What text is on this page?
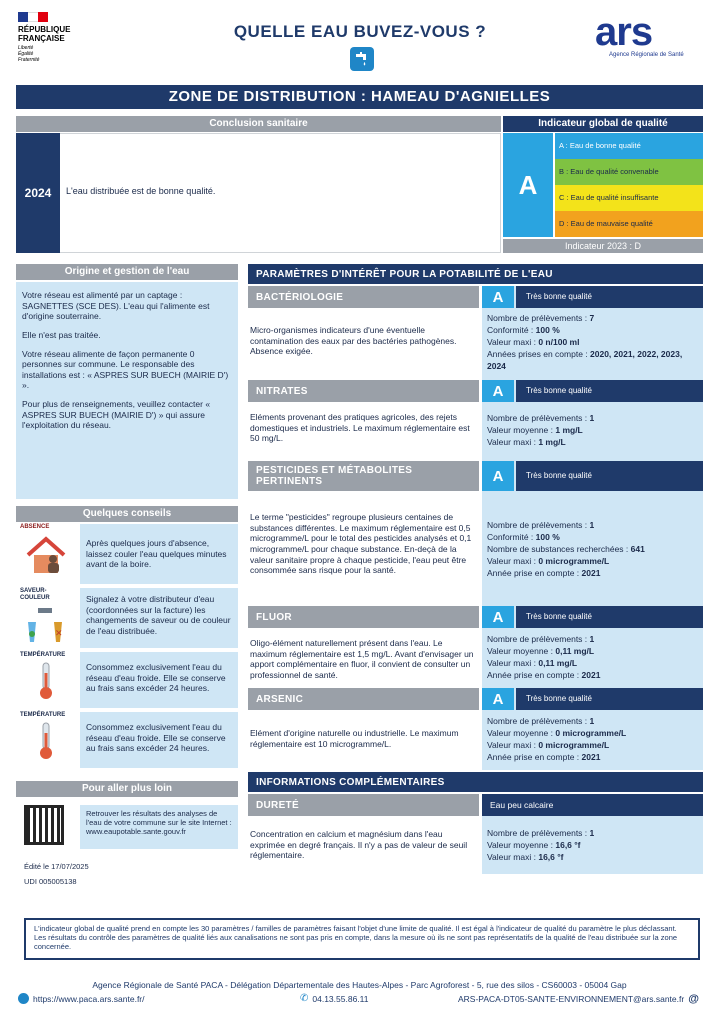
RÉPUBLIQUE
FRANÇAISE
Liberté
Égalité
Fraternité
QUELLE EAU BUVEZ-VOUS ?	ars
Agence Régionale de Santé
ZONE DE DISTRIBUTION : HAMEAU D'AGNIELLES
Conclusion sanitaire
2024	L'eau distribuée est de bonne qualité.
Indicateur global de qualité
A
A : Eau de bonne qualité
B : Eau de qualité convenable
C : Eau de qualité insuffisante
D : Eau de mauvaise qualité
Indicateur 2023 : D
Origine et gestion de l'eau

Votre réseau est alimenté par un captage : SAGNETTES (SCE DES). L'eau qui l'alimente est d'origine souterraine.

Elle n'est pas traitée.

Votre réseau alimente de façon permanente 0 personnes sur commune. Le responsable des installations est : « ASPRES SUR BUECH (MAIRIE D') ».

Pour plus de renseignements, veuillez contacter « ASPRES SUR BUECH (MAIRIE D') » qui assure l'exploitation du réseau.

Quelques conseils
ABSENCE
Après quelques jours d'absence, laissez couler l'eau quelques minutes avant de la boire.
SAVEUR-COULEUR
✕
Signalez à votre distributeur d'eau (coordonnées sur la facture) les changements de saveur ou de couleur de l'eau distribuée.
TEMPÉRATURE
Consommez exclusivement l'eau du réseau d'eau froide. Elle se conserve au frais sans excéder 24 heures.
TEMPÉRATURE
Consommez exclusivement l'eau du réseau d'eau froide. Elle se conserve au frais sans excéder 24 heures.
Pour aller plus loin
Retrouver les résultats des analyses de l'eau de votre commune sur le site Internet : www.eaupotable.sante.gouv.fr
Édité le 17/07/2025
UDI 005005138
PARAMÈTRES D'INTÉRÊT POUR LA POTABILITÉ DE L'EAU
BACTÉRIOLOGIE	A	Très bonne qualité
Micro-organismes indicateurs d'une éventuelle contamination des eaux par des bactéries pathogènes. Absence exigée.
Nombre de prélèvements : 7
Conformité : 100 %
Valeur maxi : 0 n/100 ml
Années prises en compte : 2020, 2021, 2022, 2023, 2024
NITRATES	A	Très bonne qualité
Eléments provenant des pratiques agricoles, des rejets domestiques et industriels. Le maximum réglementaire est 50 mg/L.
Nombre de prélèvements : 1
Valeur moyenne : 1 mg/L
Valeur maxi : 1 mg/L
PESTICIDES ET MÉTABOLITES PERTINENTS	A	Très bonne qualité
Le terme "pesticides" regroupe plusieurs centaines de substances différentes. Le maximum réglementaire est 0,5 microgramme/L pour le total des pesticides analysés et 0,1 microgramme/L pour chaque substance. En-deçà de la valeur sanitaire propre à chaque pesticide, l'eau peut être consommée sans risque pour la santé.
Nombre de prélèvements : 1
Conformité : 100 %
Nombre de substances recherchées : 641
Valeur maxi : 0 microgramme/L
Année prise en compte : 2021
FLUOR	A	Très bonne qualité
Oligo-élément naturellement présent dans l'eau. Le maximum réglementaire est 1,5 mg/L. Avant d'envisager un apport complémentaire en fluor, il convient de consulter un professionnel de santé.
Nombre de prélèvements : 1
Valeur moyenne : 0,11 mg/L
Valeur maxi : 0,11 mg/L
Année prise en compte : 2021
ARSENIC	A	Très bonne qualité
Elément d'origine naturelle ou industrielle. Le maximum réglementaire est 10 microgramme/L.
Nombre de prélèvements : 1
Valeur moyenne : 0 microgramme/L
Valeur maxi : 0 microgramme/L
Année prise en compte : 2021
INFORMATIONS COMPLÉMENTAIRES
DURETÉ	Eau peu calcaire
Concentration en calcium et magnésium dans l'eau exprimée en degré français. Il n'y a pas de valeur de seuil réglementaire.
Nombre de prélèvements : 1
Valeur moyenne : 16,6 °f
Valeur maxi : 16,6 °f
L'indicateur global de qualité prend en compte les 30 paramètres / familles de paramètres faisant l'objet d'une limite de qualité. Il est égal à l'indicateur de qualité du paramètre le plus déclassant. Les résultats du contrôle des paramètres de qualité liés aux canalisations ne sont pas pris en compte, dans la mesure où ils ne sont pas représentatifs de la qualité de l'eau distribuée sur la zone concernée.
Agence Régionale de Santé PACA - Délégation Départementale des Hautes-Alpes - Parc Agroforest - 5, rue des silos - CS60003 - 05004 Gap
https://www.paca.ars.sante.fr/	✆ 04.13.55.86.11	ARS-PACA-DT05-SANTE-ENVIRONNEMENT@ars.sante.fr @
